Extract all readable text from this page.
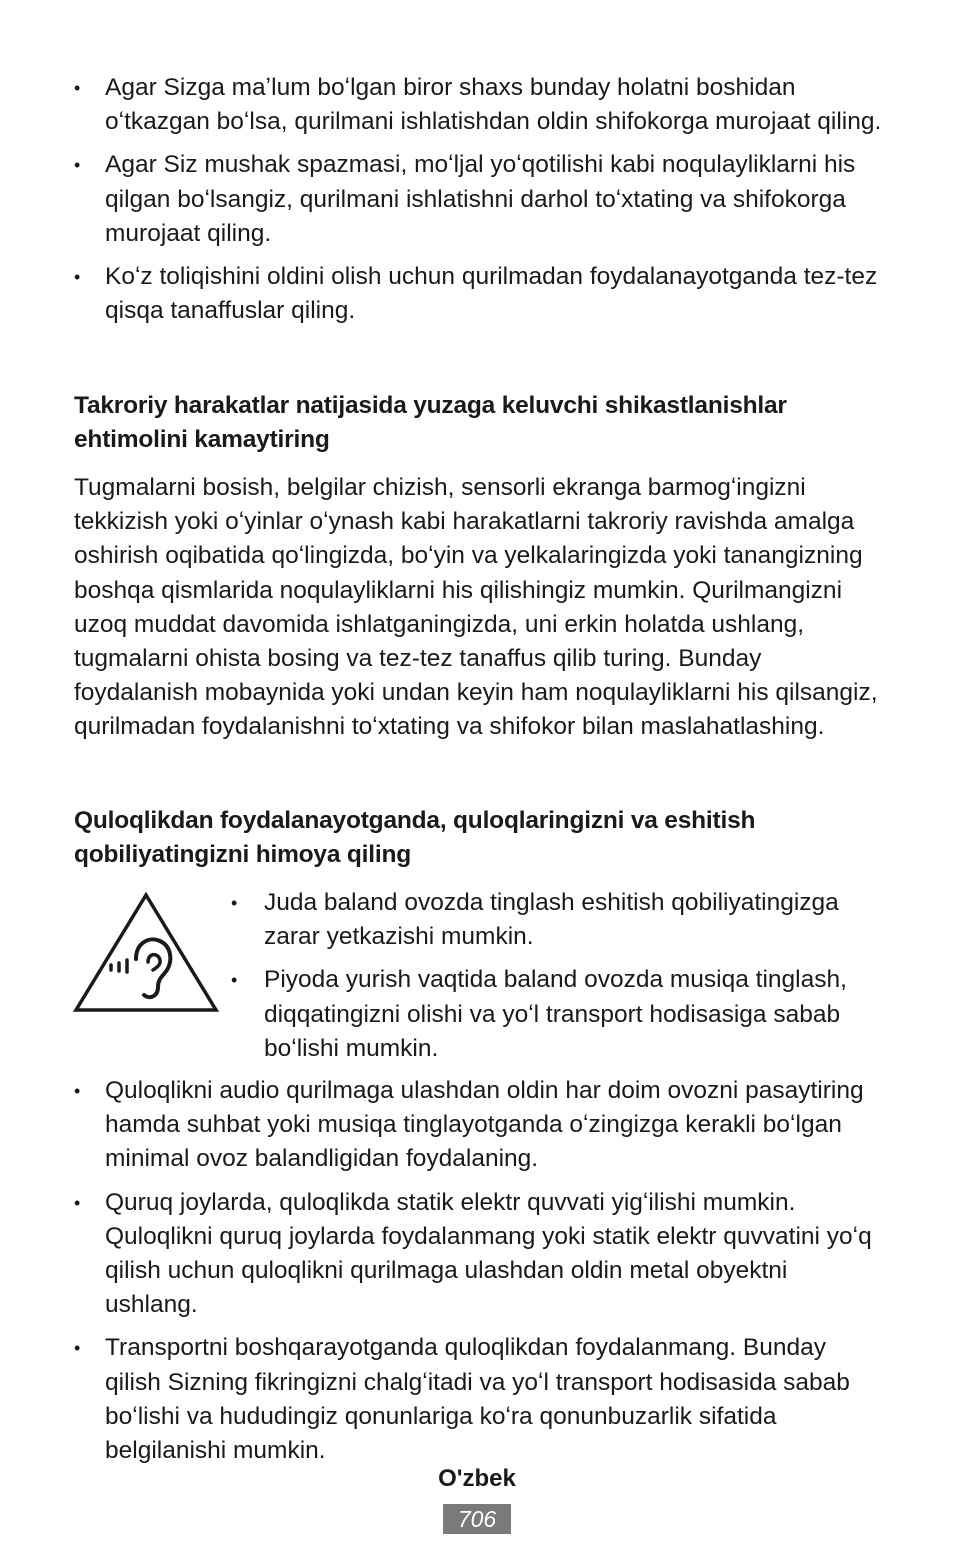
• Agar Sizga maʼlum boʻlgan biror shaxs bunday holatni boshidan oʻtkazgan boʻlsa, qurilmani ishlatishdan oldin shifokorga murojaat qiling.
• Agar Siz mushak spazmasi, moʻljal yoʻqotilishi kabi noqulayliklarni his qilgan boʻlsangiz, qurilmani ishlatishni darhol toʻxtating va shifokorga murojaat qiling.
• Koʻz toliqishini oldini olish uchun qurilmadan foydalanayotganda tez-tez qisqa tanaffuslar qiling.
Takroriy harakatlar natijasida yuzaga keluvchi shikastlanishlar ehtimolini kamaytiring
Tugmalarni bosish, belgilar chizish, sensorli ekranga barmogʻingizni tekkizish yoki oʻyinlar oʻynash kabi harakatlarni takroriy ravishda amalga oshirish oqibatida qoʻlingizda, boʻyin va yelkalaringizda yoki tanangizning boshqa qismlarida noqulayliklarni his qilishingiz mumkin. Qurilmangizni uzoq muddat davomida ishlatganingizda, uni erkin holatda ushlang, tugmalarni ohista bosing va tez-tez tanaffus qilib turing. Bunday foydalanish mobaynida yoki undan keyin ham noqulayliklarni his qilsangiz, qurilmadan foydalanishni toʻxtating va shifokor bilan maslahatlashing.
Quloqlikdan foydalanayotganda, quloqlaringizni va eshitish qobiliyatingizni himoya qiling
• Juda baland ovozda tinglash eshitish qobiliyatingizga zarar yetkazishi mumkin.
• Piyoda yurish vaqtida baland ovozda musiqa tinglash, diqqatingizni olishi va yoʻl transport hodisasiga sabab boʻlishi mumkin.
• Quloqlikni audio qurilmaga ulashdan oldin har doim ovozni pasaytiring hamda suhbat yoki musiqa tinglayotganda oʻzingizga kerakli boʻlgan minimal ovoz balandligidan foydalaning.
• Quruq joylarda, quloqlikda statik elektr quvvati yigʻilishi mumkin. Quloqlikni quruq joylarda foydalanmang yoki statik elektr quvvatini yoʻq qilish uchun quloqlikni qurilmaga ulashdan oldin metal obyektni ushlang.
• Transportni boshqarayotganda quloqlikdan foydalanmang. Bunday qilish Sizning fikringizni chalgʻitadi va yoʻl transport hodisasida sabab boʻlishi va hududingiz qonunlariga koʻra qonunbuzarlik sifatida belgilanishi mumkin.
O'zbek
706
